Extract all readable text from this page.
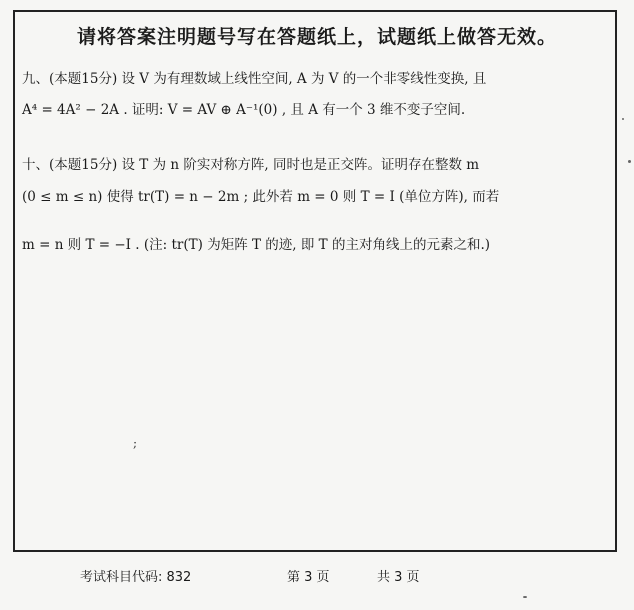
请将答案注明题号写在答题纸上，试题纸上做答无效。
九、(本题15分) 设 V 为有理数域上线性空间, A 为 V 的一个非零线性变换, 且
A⁴ = 4A² − 2A . 证明: V = AV ⊕ A⁻¹(0) , 且 A 有一个 3 维不变子空间.
十、(本题15分) 设 T 为 n 阶实对称方阵, 同时也是正交阵。证明存在整数 m
(0 ≤ m ≤ n) 使得 tr(T) = n − 2m ; 此外若 m = 0 则 T = I (单位方阵), 而若
m = n 则 T = −I . (注: tr(T) 为矩阵 T 的迹, 即 T 的主对角线上的元素之和.)
;
考试科目代码: 832	第 3 页	共 3 页
